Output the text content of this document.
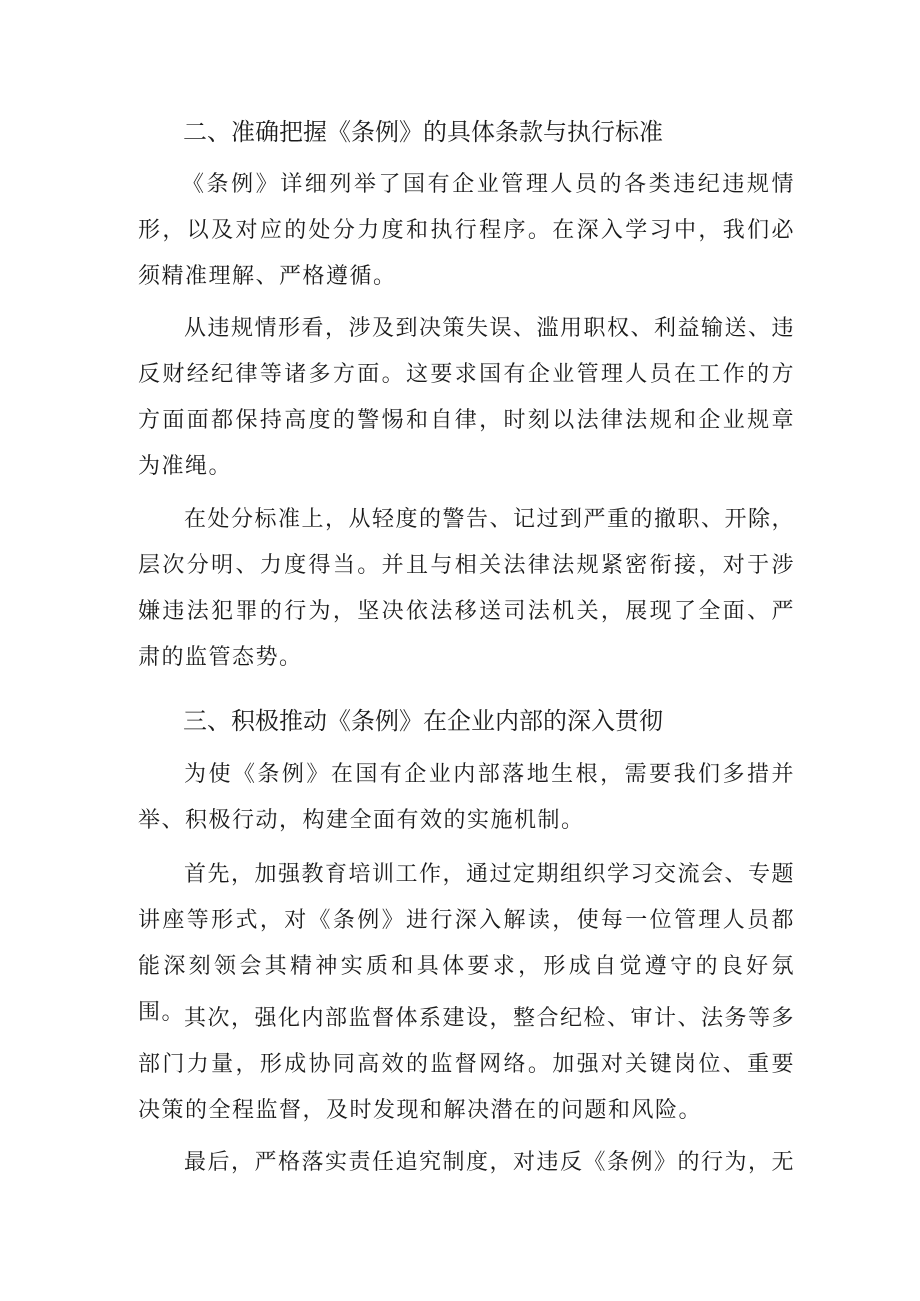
二、准确把握《条例》的具体条款与执行标准

《条例》详细列举了国有企业管理人员的各类违纪违规情形，以及对应的处分力度和执行程序。在深入学习中，我们必须精准理解、严格遵循。

从违规情形看，涉及到决策失误、滥用职权、利益输送、违反财经纪律等诸多方面。这要求国有企业管理人员在工作的方方面面都保持高度的警惕和自律，时刻以法律法规和企业规章为准绳。

在处分标准上，从轻度的警告、记过到严重的撤职、开除，层次分明、力度得当。并且与相关法律法规紧密衔接，对于涉嫌违法犯罪的行为，坚决依法移送司法机关，展现了全面、严肃的监管态势。

三、积极推动《条例》在企业内部的深入贯彻

为使《条例》在国有企业内部落地生根，需要我们多措并举、积极行动，构建全面有效的实施机制。

首先，加强教育培训工作，通过定期组织学习交流会、专题讲座等形式，对《条例》进行深入解读，使每一位管理人员都能深刻领会其精神实质和具体要求，形成自觉遵守的良好氛围。

其次，强化内部监督体系建设，整合纪检、审计、法务等多部门力量，形成协同高效的监督网络。加强对关键岗位、重要决策的全程监督，及时发现和解决潜在的问题和风险。

最后，严格落实责任追究制度，对违反《条例》的行为，无
